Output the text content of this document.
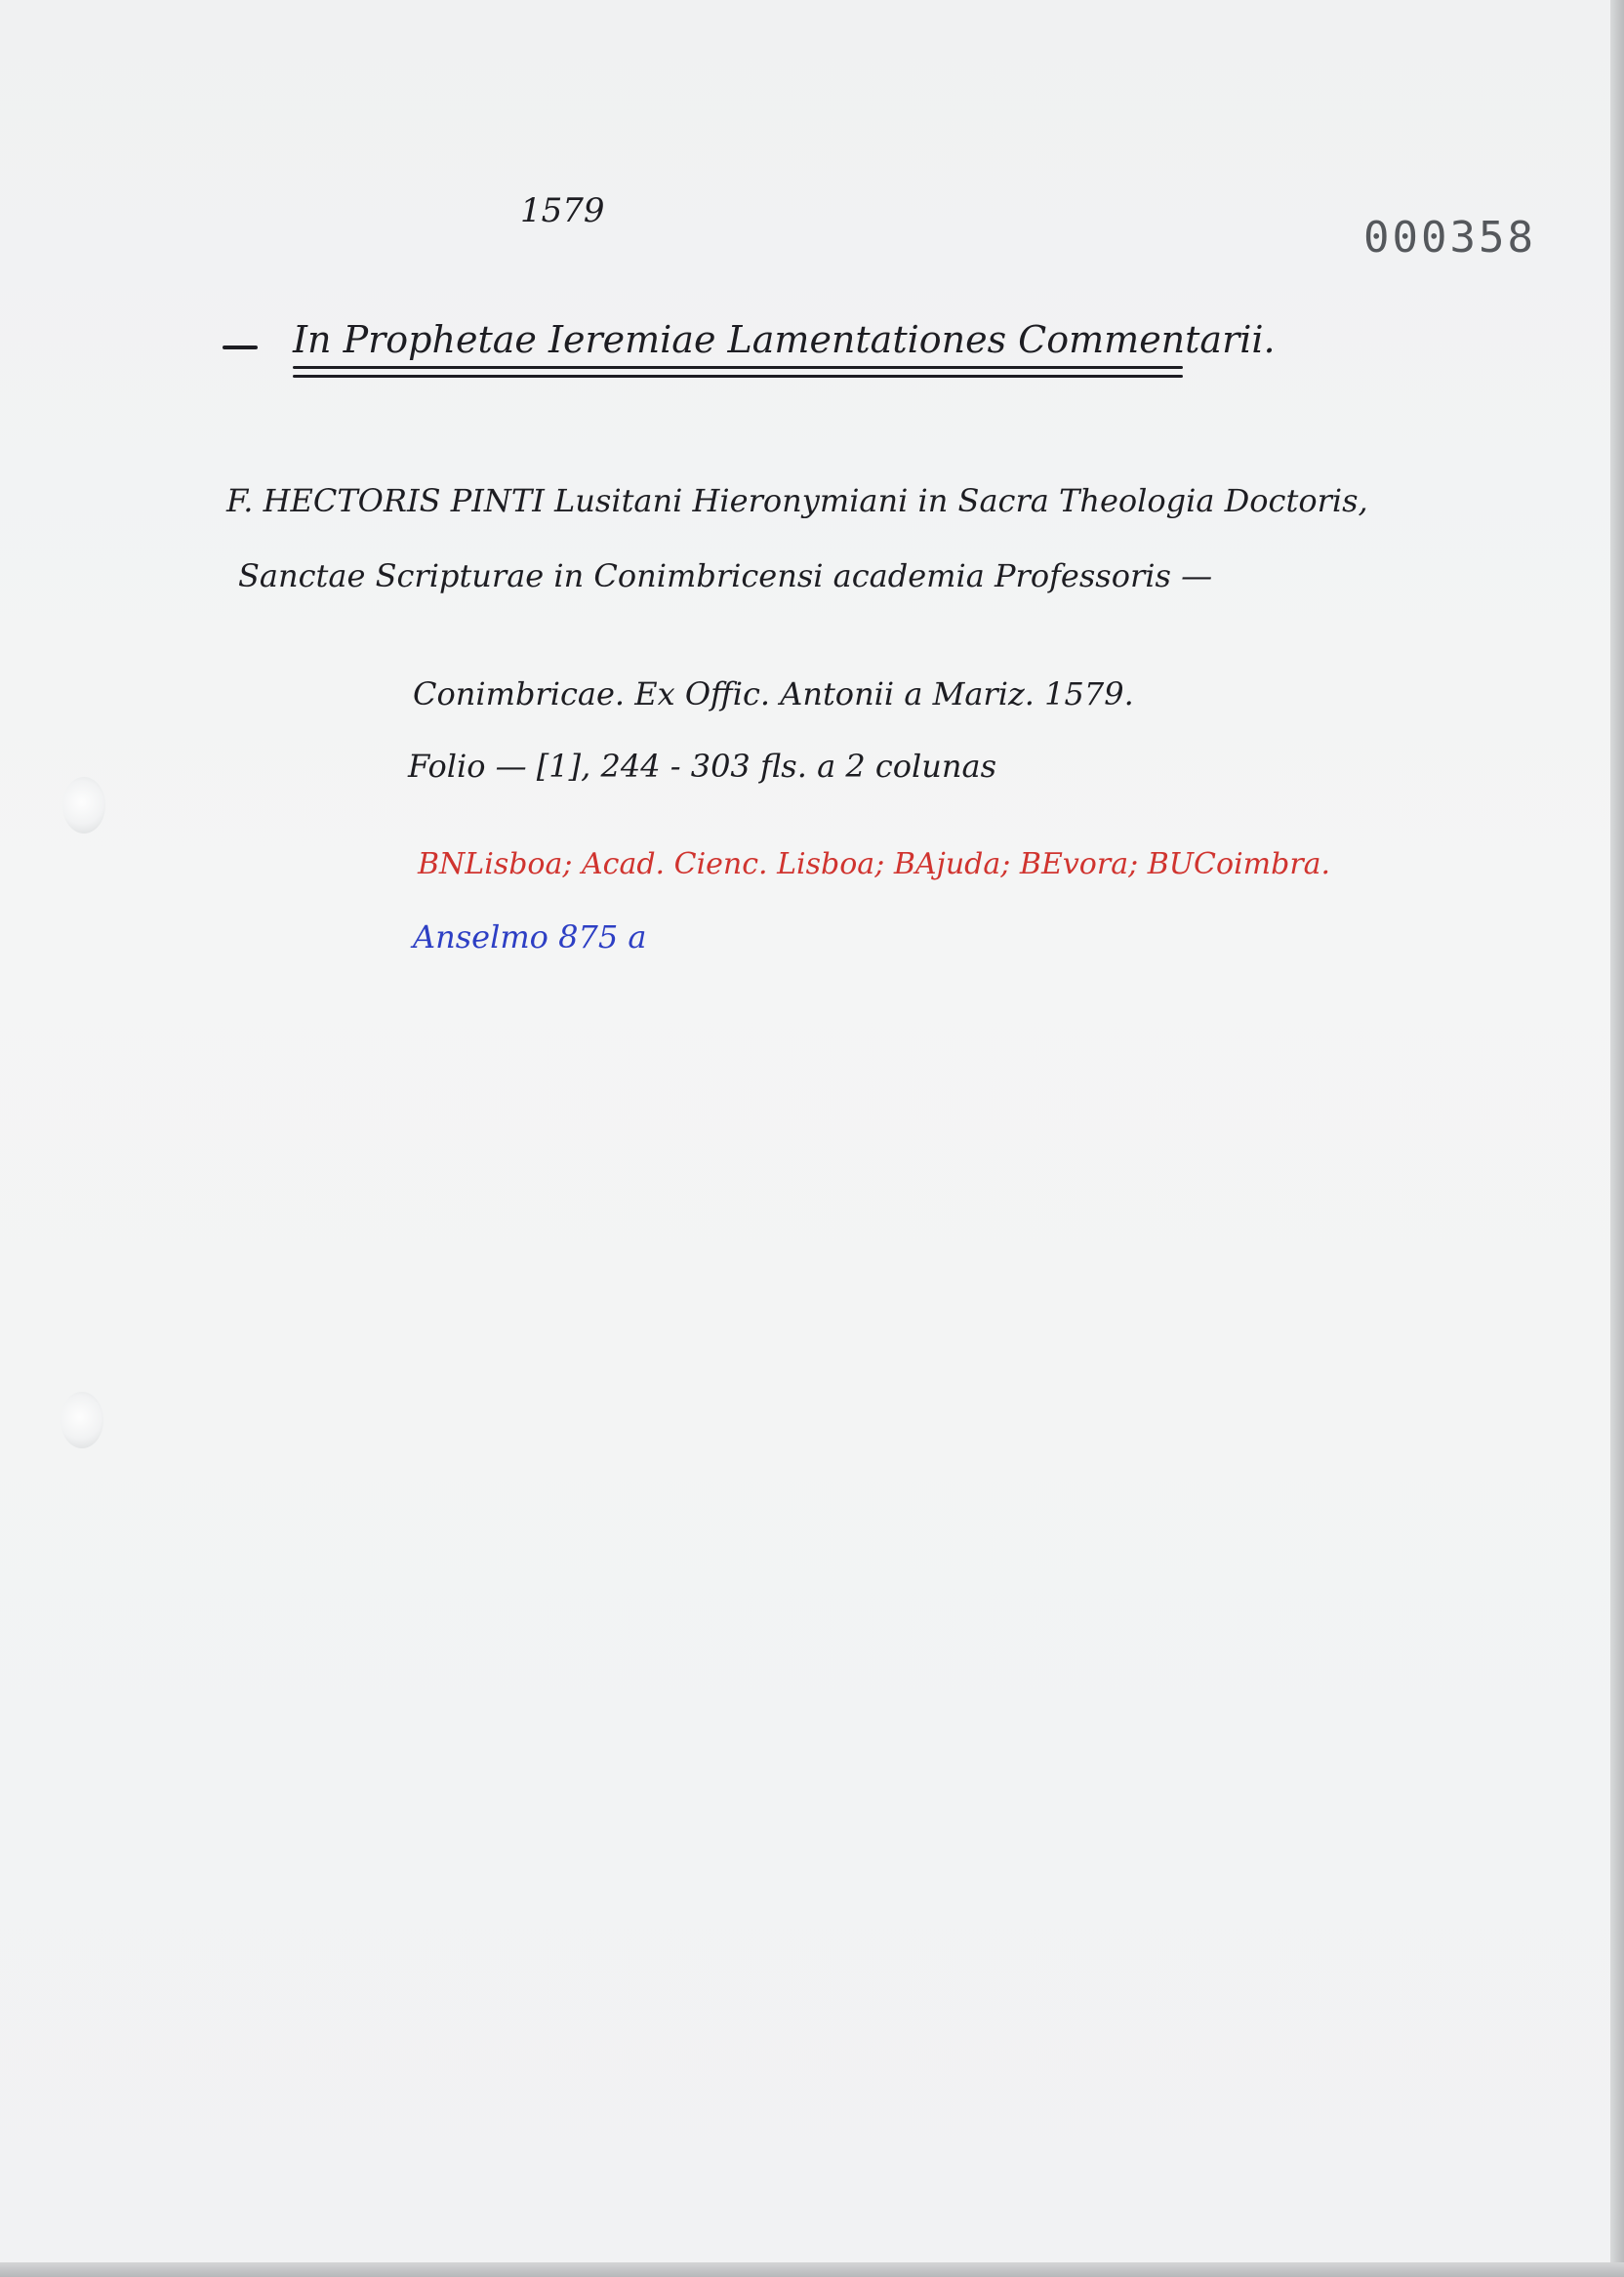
1579
000358
In Prophetae Ieremiae Lamentationes Commentarii.
F. HECTORIS PINTI Lusitani Hieronymiani in Sacra Theologia Doctoris,
Sanctae Scripturae in Conimbricensi academia Professoris —
Conimbricae. Ex Offic. Antonii a Mariz. 1579.
Folio — [1], 244 - 303 fls. a 2 colunas
BNLisboa; Acad. Cienc. Lisboa; BAjuda; BEvora; BUCoimbra.
Anselmo 875 a
